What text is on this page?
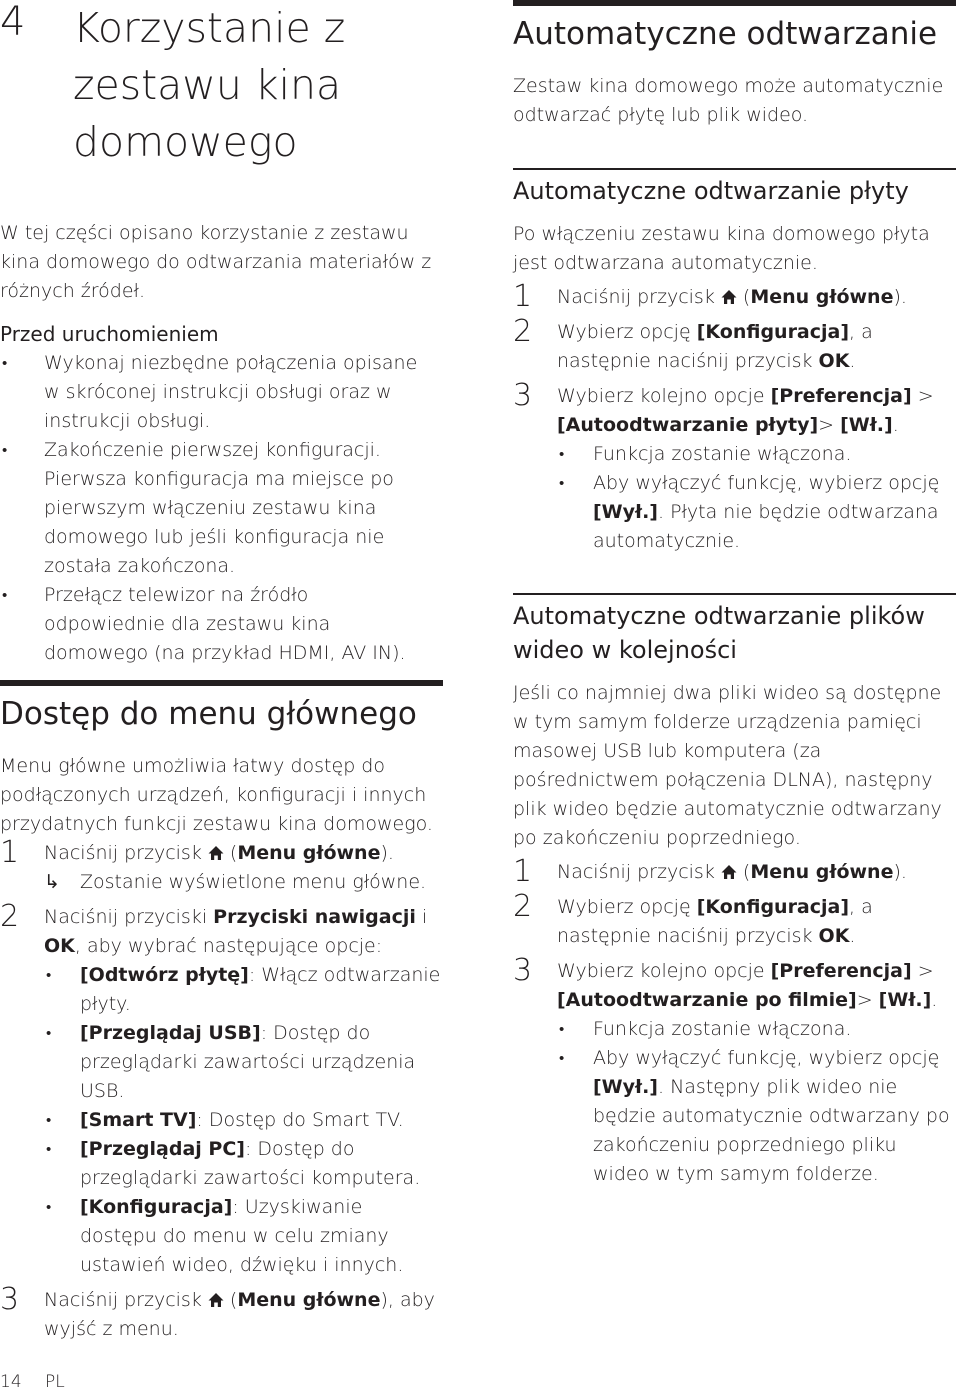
4 Korzystanie z zestawu kina domowego

W tej części opisano korzystanie z zestawu kina domowego do odtwarzania materiałów z różnych źródeł.

Przed uruchomieniem
• Wykonaj niezbędne połączenia opisane w skróconej instrukcji obsługi oraz w instrukcji obsługi.
• Zakończenie pierwszej konfiguracji. Pierwsza konfiguracja ma miejsce po pierwszym włączeniu zestawu kina domowego lub jeśli konfiguracja nie została zakończona.
• Przełącz telewizor na źródło odpowiednie dla zestawu kina domowego (na przykład HDMI, AV IN).
Dostęp do menu głównego

Menu główne umożliwia łatwy dostęp do podłączonych urządzeń, konfiguracji i innych przydatnych funkcji zestawu kina domowego.

1 Naciśnij przycisk  (Menu główne).
↳ Zostanie wyświetlone menu główne.
2 Naciśnij przyciski Przyciski nawigacji i OK, aby wybrać następujące opcje:
• [Odtwórz płytę]: Włącz odtwarzanie płyty.
• [Przeglądaj USB]: Dostęp do przeglądarki zawartości urządzenia USB.
• [Smart TV]: Dostęp do Smart TV.
• [Przeglądaj PC]: Dostęp do przeglądarki zawartości komputera.
• [Konfiguracja]: Uzyskiwanie dostępu do menu w celu zmiany ustawień wideo, dźwięku i innych.
3 Naciśnij przycisk  (Menu główne), aby wyjść z menu.
Automatyczne odtwarzanie

Zestaw kina domowego może automatycznie odtwarzać płytę lub plik wideo.

Automatyczne odtwarzanie płyty

Po włączeniu zestawu kina domowego płyta jest odtwarzana automatycznie.

1 Naciśnij przycisk  (Menu główne).
2 Wybierz opcję [Konfiguracja], a następnie naciśnij przycisk OK.
3 Wybierz kolejno opcje [Preferencja] > [Autoodtwarzanie płyty]> [Wł.].
• Funkcja zostanie włączona.
• Aby wyłączyć funkcję, wybierz opcję [Wył.]. Płyta nie będzie odtwarzana automatycznie.
Automatyczne odtwarzanie plików wideo w kolejności

Jeśli co najmniej dwa pliki wideo są dostępne w tym samym folderze urządzenia pamięci masowej USB lub komputera (za pośrednictwem połączenia DLNA), następny plik wideo będzie automatycznie odtwarzany po zakończeniu poprzedniego.

1 Naciśnij przycisk  (Menu główne).
2 Wybierz opcję [Konfiguracja], a następnie naciśnij przycisk OK.
3 Wybierz kolejno opcje [Preferencja] > [Autoodtwarzanie po filmie]> [Wł.].
• Funkcja zostanie włączona.
• Aby wyłączyć funkcję, wybierz opcję [Wył.]. Następny plik wideo nie będzie automatycznie odtwarzany po zakończeniu poprzedniego pliku wideo w tym samym folderze.
14 PL
